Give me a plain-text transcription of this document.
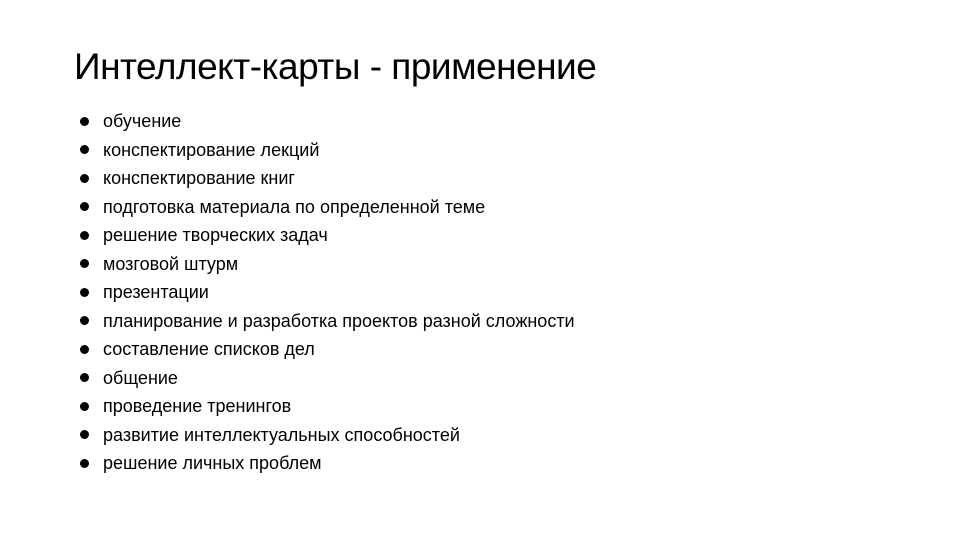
Интеллект-карты - применение
обучение
конспектирование лекций
конспектирование книг
подготовка материала по определенной теме
решение творческих задач
мозговой штурм
презентации
планирование и разработка проектов разной сложности
составление списков дел
общение
проведение тренингов
развитие интеллектуальных способностей
решение личных проблем
